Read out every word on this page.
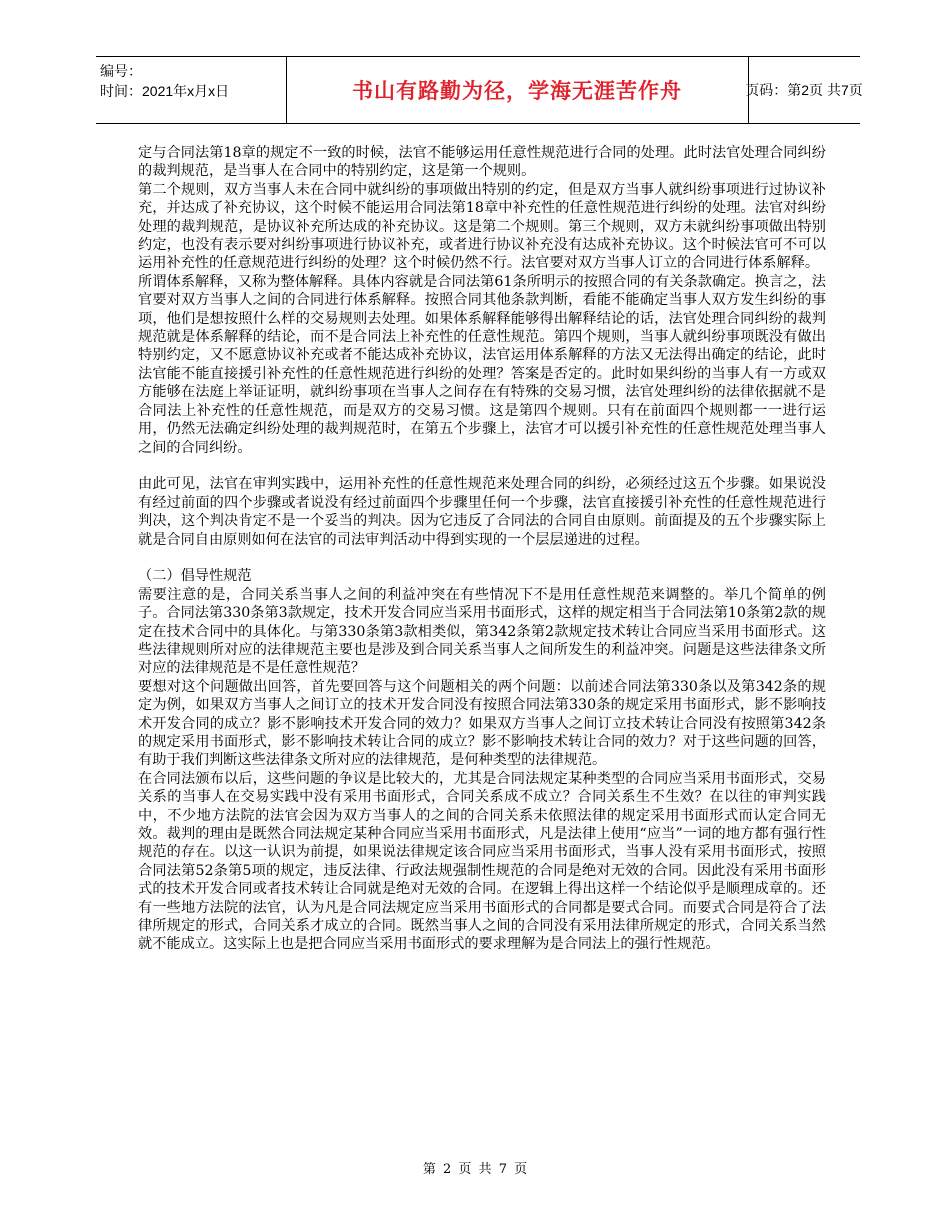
编号：
时间：2021年x月x日	书山有路勤为径，学海无涯苦作舟	页码：第2页 共7页

定与合同法第18章的规定不一致的时候，法官不能够运用任意性规范进行合同的处理。此时法官处理合同纠纷的裁判规范，是当事人在合同中的特别约定，这是第一个规则。

第二个规则，双方当事人未在合同中就纠纷的事项做出特别的约定，但是双方当事人就纠纷事项进行过协议补充，并达成了补充协议，这个时候不能运用合同法第18章中补充性的任意性规范进行纠纷的处理。法官对纠纷处理的裁判规范，是协议补充所达成的补充协议。这是第二个规则。第三个规则，双方未就纠纷事项做出特别约定，也没有表示要对纠纷事项进行协议补充，或者进行协议补充没有达成补充协议。这个时候法官可不可以运用补充性的任意规范进行纠纷的处理？这个时候仍然不行。法官要对双方当事人订立的合同进行体系解释。

所谓体系解释，又称为整体解释。具体内容就是合同法第61条所明示的按照合同的有关条款确定。换言之，法官要对双方当事人之间的合同进行体系解释。按照合同其他条款判断，看能不能确定当事人双方发生纠纷的事项，他们是想按照什么样的交易规则去处理。如果体系解释能够得出解释结论的话，法官处理合同纠纷的裁判规范就是体系解释的结论，而不是合同法上补充性的任意性规范。第四个规则，当事人就纠纷事项既没有做出特别约定，又不愿意协议补充或者不能达成补充协议，法官运用体系解释的方法又无法得出确定的结论，此时法官能不能直接援引补充性的任意性规范进行纠纷的处理？答案是否定的。此时如果纠纷的当事人有一方或双方能够在法庭上举证证明，就纠纷事项在当事人之间存在有特殊的交易习惯，法官处理纠纷的法律依据就不是合同法上补充性的任意性规范，而是双方的交易习惯。这是第四个规则。只有在前面四个规则都一一进行运用，仍然无法确定纠纷处理的裁判规范时，在第五个步骤上，法官才可以援引补充性的任意性规范处理当事人之间的合同纠纷。

由此可见，法官在审判实践中，运用补充性的任意性规范来处理合同的纠纷，必须经过这五个步骤。如果说没有经过前面的四个步骤或者说没有经过前面四个步骤里任何一个步骤，法官直接援引补充性的任意性规范进行判决，这个判决肯定不是一个妥当的判决。因为它违反了合同法的合同自由原则。前面提及的五个步骤实际上就是合同自由原则如何在法官的司法审判活动中得到实现的一个层层递进的过程。

（二）倡导性规范

需要注意的是，合同关系当事人之间的利益冲突在有些情况下不是用任意性规范来调整的。举几个简单的例子。合同法第330条第3款规定，技术开发合同应当采用书面形式，这样的规定相当于合同法第10条第2款的规定在技术合同中的具体化。与第330条第3款相类似，第342条第2款规定技术转让合同应当采用书面形式。这些法律规则所对应的法律规范主要也是涉及到合同关系当事人之间所发生的利益冲突。问题是这些法律条文所对应的法律规范是不是任意性规范？

要想对这个问题做出回答，首先要回答与这个问题相关的两个问题：以前述合同法第330条以及第342条的规定为例，如果双方当事人之间订立的技术开发合同没有按照合同法第330条的规定采用书面形式，影不影响技术开发合同的成立？影不影响技术开发合同的效力？如果双方当事人之间订立技术转让合同没有按照第342条的规定采用书面形式，影不影响技术转让合同的成立？影不影响技术转让合同的效力？对于这些问题的回答，有助于我们判断这些法律条文所对应的法律规范，是何种类型的法律规范。

在合同法颁布以后，这些问题的争议是比较大的，尤其是合同法规定某种类型的合同应当采用书面形式，交易关系的当事人在交易实践中没有采用书面形式，合同关系成不成立？合同关系生不生效？在以往的审判实践中，不少地方法院的法官会因为双方当事人的之间的合同关系未依照法律的规定采用书面形式而认定合同无效。裁判的理由是既然合同法规定某种合同应当采用书面形式，凡是法律上使用“应当”一词的地方都有强行性规范的存在。以这一认识为前提，如果说法律规定该合同应当采用书面形式，当事人没有采用书面形式，按照合同法第52条第5项的规定，违反法律、行政法规强制性规范的合同是绝对无效的合同。因此没有采用书面形式的技术开发合同或者技术转让合同就是绝对无效的合同。在逻辑上得出这样一个结论似乎是顺理成章的。还有一些地方法院的法官，认为凡是合同法规定应当采用书面形式的合同都是要式合同。而要式合同是符合了法律所规定的形式，合同关系才成立的合同。既然当事人之间的合同没有采用法律所规定的形式，合同关系当然就不能成立。这实际上也是把合同应当采用书面形式的要求理解为是合同法上的强行性规范。

第 2 页 共 7 页
